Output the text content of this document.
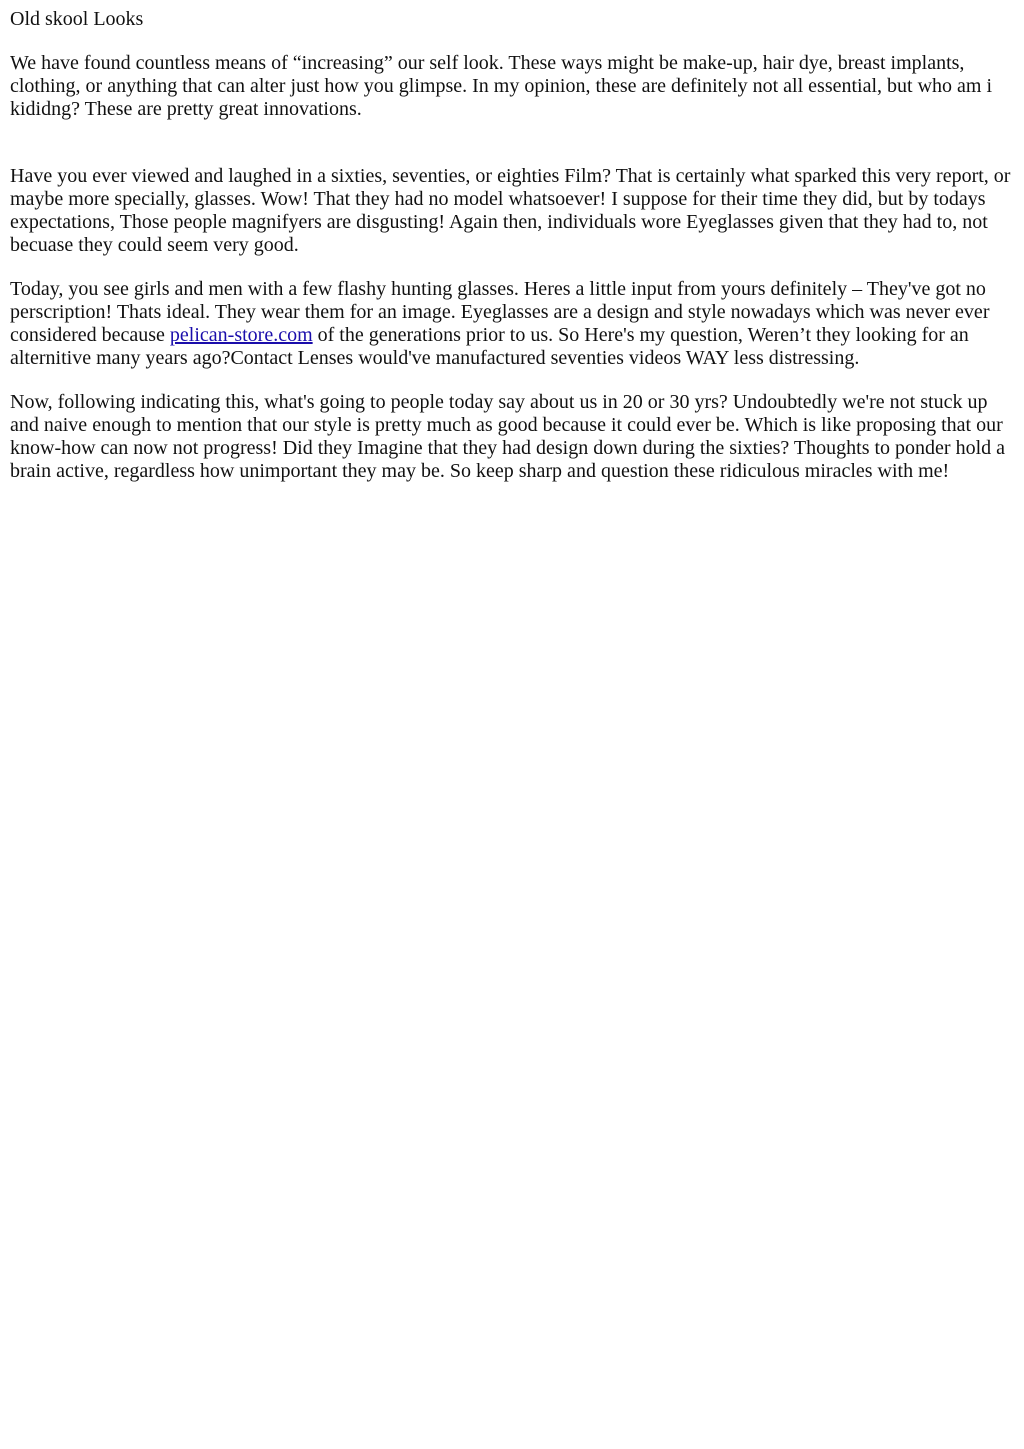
Old skool Looks

We have found countless means of “increasing” our self look. These ways might be make-up, hair dye, breast implants, clothing, or anything that can alter just how you glimpse. In my opinion, these are definitely not all essential, but who am i kididng? These are pretty great innovations.

Have you ever viewed and laughed in a sixties, seventies, or eighties Film? That is certainly what sparked this very report, or maybe more specially, glasses. Wow! That they had no model whatsoever! I suppose for their time they did, but by todays expectations, Those people magnifyers are disgusting! Again then, individuals wore Eyeglasses given that they had to, not becuase they could seem very good.

Today, you see girls and men with a few flashy hunting glasses. Heres a little input from yours definitely – They've got no perscription! Thats ideal. They wear them for an image. Eyeglasses are a design and style nowadays which was never ever considered because pelican-store.com of the generations prior to us. So Here's my question, Weren’t they looking for an alternitive many years ago?Contact Lenses would've manufactured seventies videos WAY less distressing.

Now, following indicating this, what's going to people today say about us in 20 or 30 yrs? Undoubtedly we're not stuck up and naive enough to mention that our style is pretty much as good because it could ever be. Which is like proposing that our know-how can now not progress! Did they Imagine that they had design down during the sixties? Thoughts to ponder hold a brain active, regardless how unimportant they may be. So keep sharp and question these ridiculous miracles with me!
